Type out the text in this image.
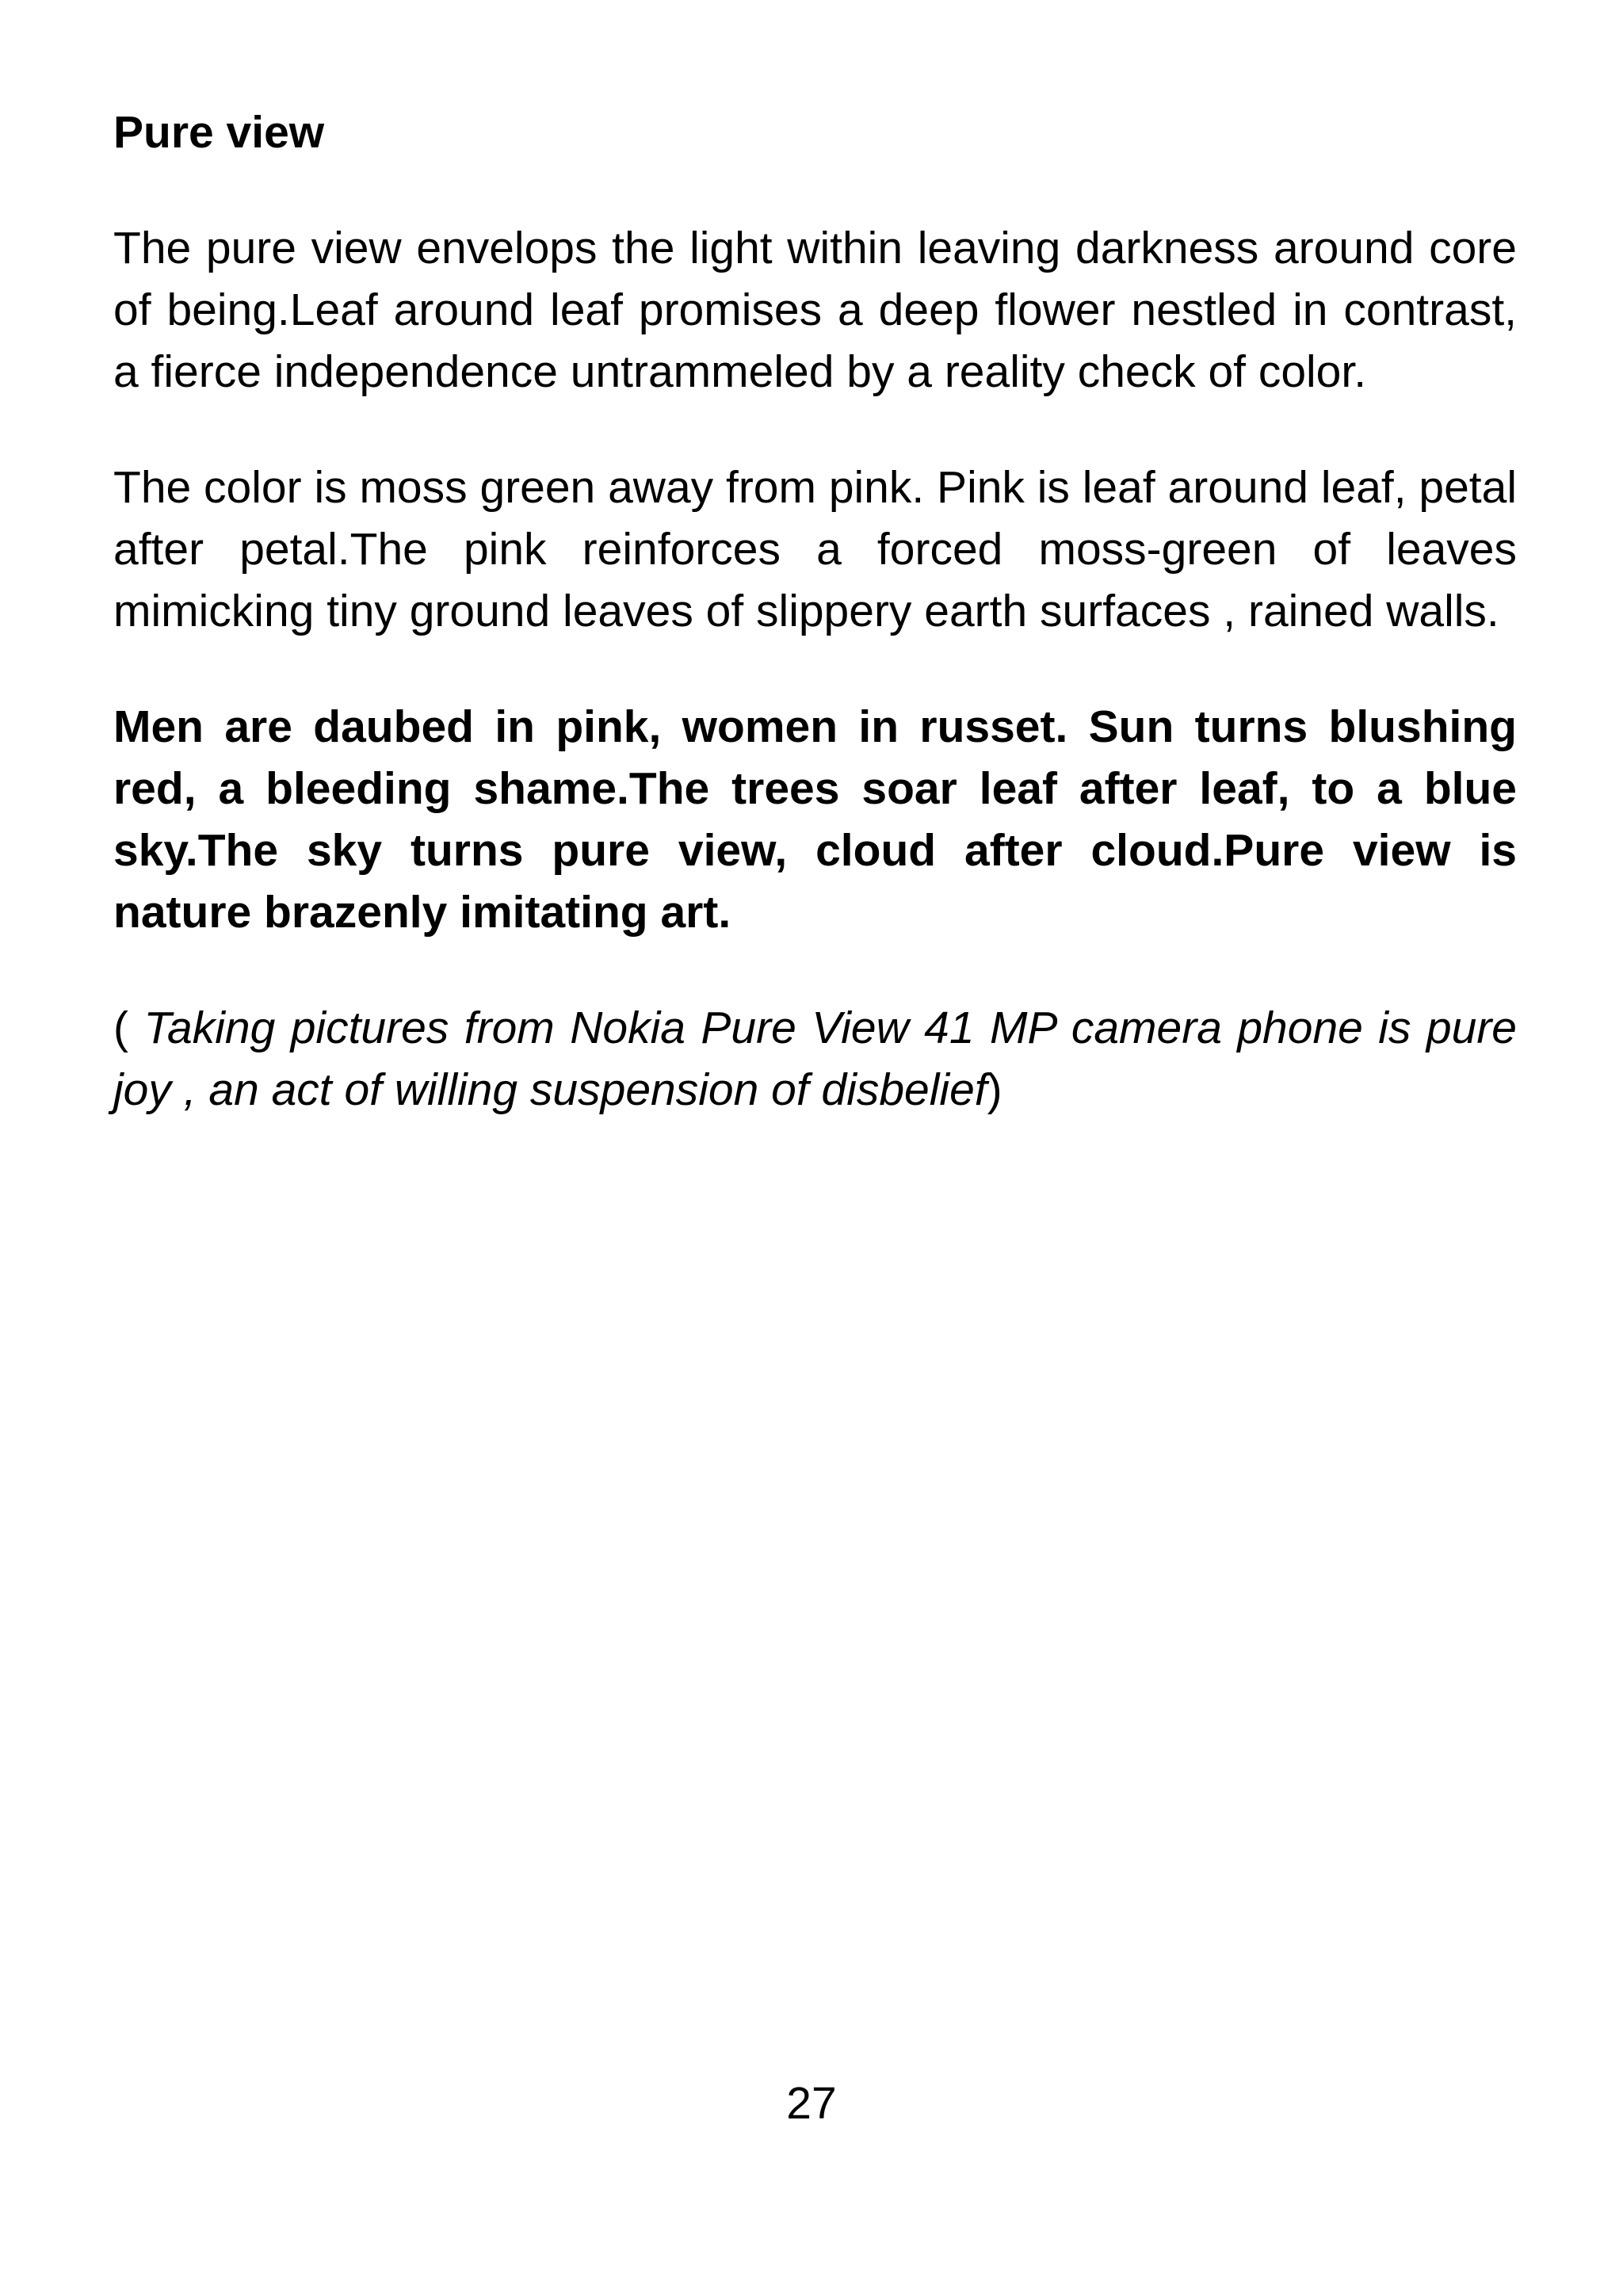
Pure view

The pure view envelops the light within leaving darkness around core of being.Leaf around leaf promises a deep flower nestled in contrast, a fierce independence untrammeled by a reality check of color.

The color is moss green away from pink. Pink is leaf around leaf, petal after petal.The pink reinforces a forced moss-green of leaves mimicking tiny ground leaves of slippery earth surfaces , rained walls.

Men are daubed in pink, women in russet. Sun turns blushing red, a bleeding shame.The trees soar leaf after leaf, to a blue sky.The sky turns pure view, cloud after cloud.Pure view is nature brazenly imitating art.

( Taking pictures from Nokia Pure View 41 MP camera phone is pure joy , an act of willing suspension of disbelief)

27
